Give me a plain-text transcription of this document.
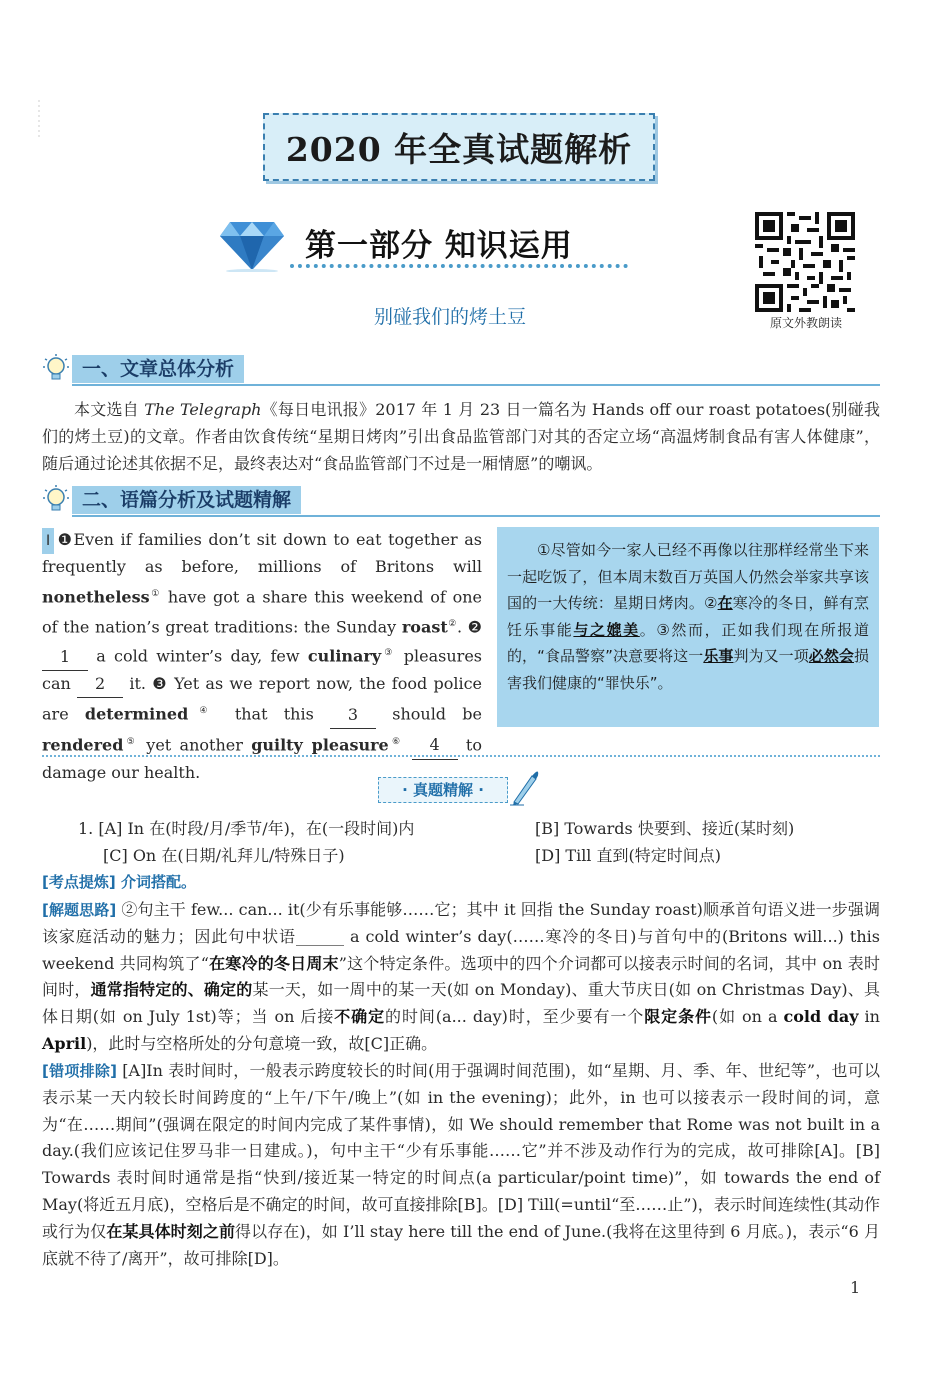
2020 年全真试题解析
第一部分 知识运用
别碰我们的烤土豆	原文外教朗读
一、文章总体分析
本文选自 The Telegraph《每日电讯报》2017 年 1 月 23 日一篇名为 Hands off our roast potatoes(别碰我们的烤土豆)的文章。作者由饮食传统“星期日烤肉”引出食品监管部门对其的否定立场“高温烤制食品有害人体健康”，随后通过论述其依据不足，最终表达对“食品监管部门不过是一厢情愿”的嘲讽。
二、语篇分析及试题精解
I ❶Even if families don’t sit down to eat together as frequently as before, millions of Britons will nonetheless① have got a share this weekend of one of the nation’s great traditions: the Sunday roast②. ❷ 1 a cold winter’s day, few culinary③ pleasures can 2 it. ❸ Yet as we report now, the food police are determined④ that this 3 should be rendered⑤ yet another guilty pleasure⑥ 4 to damage our health.
①尽管如今一家人已经不再像以往那样经常坐下来一起吃饭了，但本周末数百万英国人仍然会举家共享该国的一大传统：星期日烤肉。②在寒冷的冬日，鲜有烹饪乐事能与之媲美。③然而，正如我们现在所报道的，“食品警察”决意要将这一乐事判为又一项必然会损害我们健康的“罪快乐”。
· 真题精解 ·
1. [A] In 在(时段/月/季节/年)，在(一段时间)内	[B] Towards 快要到、接近(某时刻)
[C] On 在(日期/礼拜儿/特殊日子)	[D] Till 直到(特定时间点)
[考点提炼] 介词搭配。
[解题思路] ②句主干 few... can... it(少有乐事能够……它；其中 it 回指 the Sunday roast)顺承首句语义进一步强调该家庭活动的魅力；因此句中状语______ a cold winter’s day(……寒冷的冬日)与首句中的(Britons will...) this weekend 共同构筑了“在寒冷的冬日周末”这个特定条件。选项中的四个介词都可以接表示时间的名词，其中 on 表时间时，通常指特定的、确定的某一天，如一周中的某一天(如 on Monday)、重大节庆日(如 on Christmas Day)、具体日期(如 on July 1st)等；当 on 后接不确定的时间(a... day)时，至少要有一个限定条件(如 on a cold day in April)，此时与空格所处的分句意境一致，故[C]正确。
[错项排除] [A]In 表时间时，一般表示跨度较长的时间(用于强调时间范围)，如“星期、月、季、年、世纪等”，也可以表示某一天内较长时间跨度的“上午/下午/晚上”(如 in the evening)；此外，in 也可以接表示一段时间的词，意为“在……期间”(强调在限定的时间内完成了某件事情)，如 We should remember that Rome was not built in a day.(我们应该记住罗马非一日建成。)，句中主干“少有乐事能……它”并不涉及动作行为的完成，故可排除[A]。[B] Towards 表时间时通常是指“快到/接近某一特定的时间点(a particular/point time)”，如 towards the end of May(将近五月底)，空格后是不确定的时间，故可直接排除[B]。[D] Till(=until“至……止”)，表示时间连续性(其动作或行为仅在某具体时刻之前得以存在)，如 I’ll stay here till the end of June.(我将在这里待到 6 月底。)，表示“6 月底就不待了/离开”，故可排除[D]。
1
